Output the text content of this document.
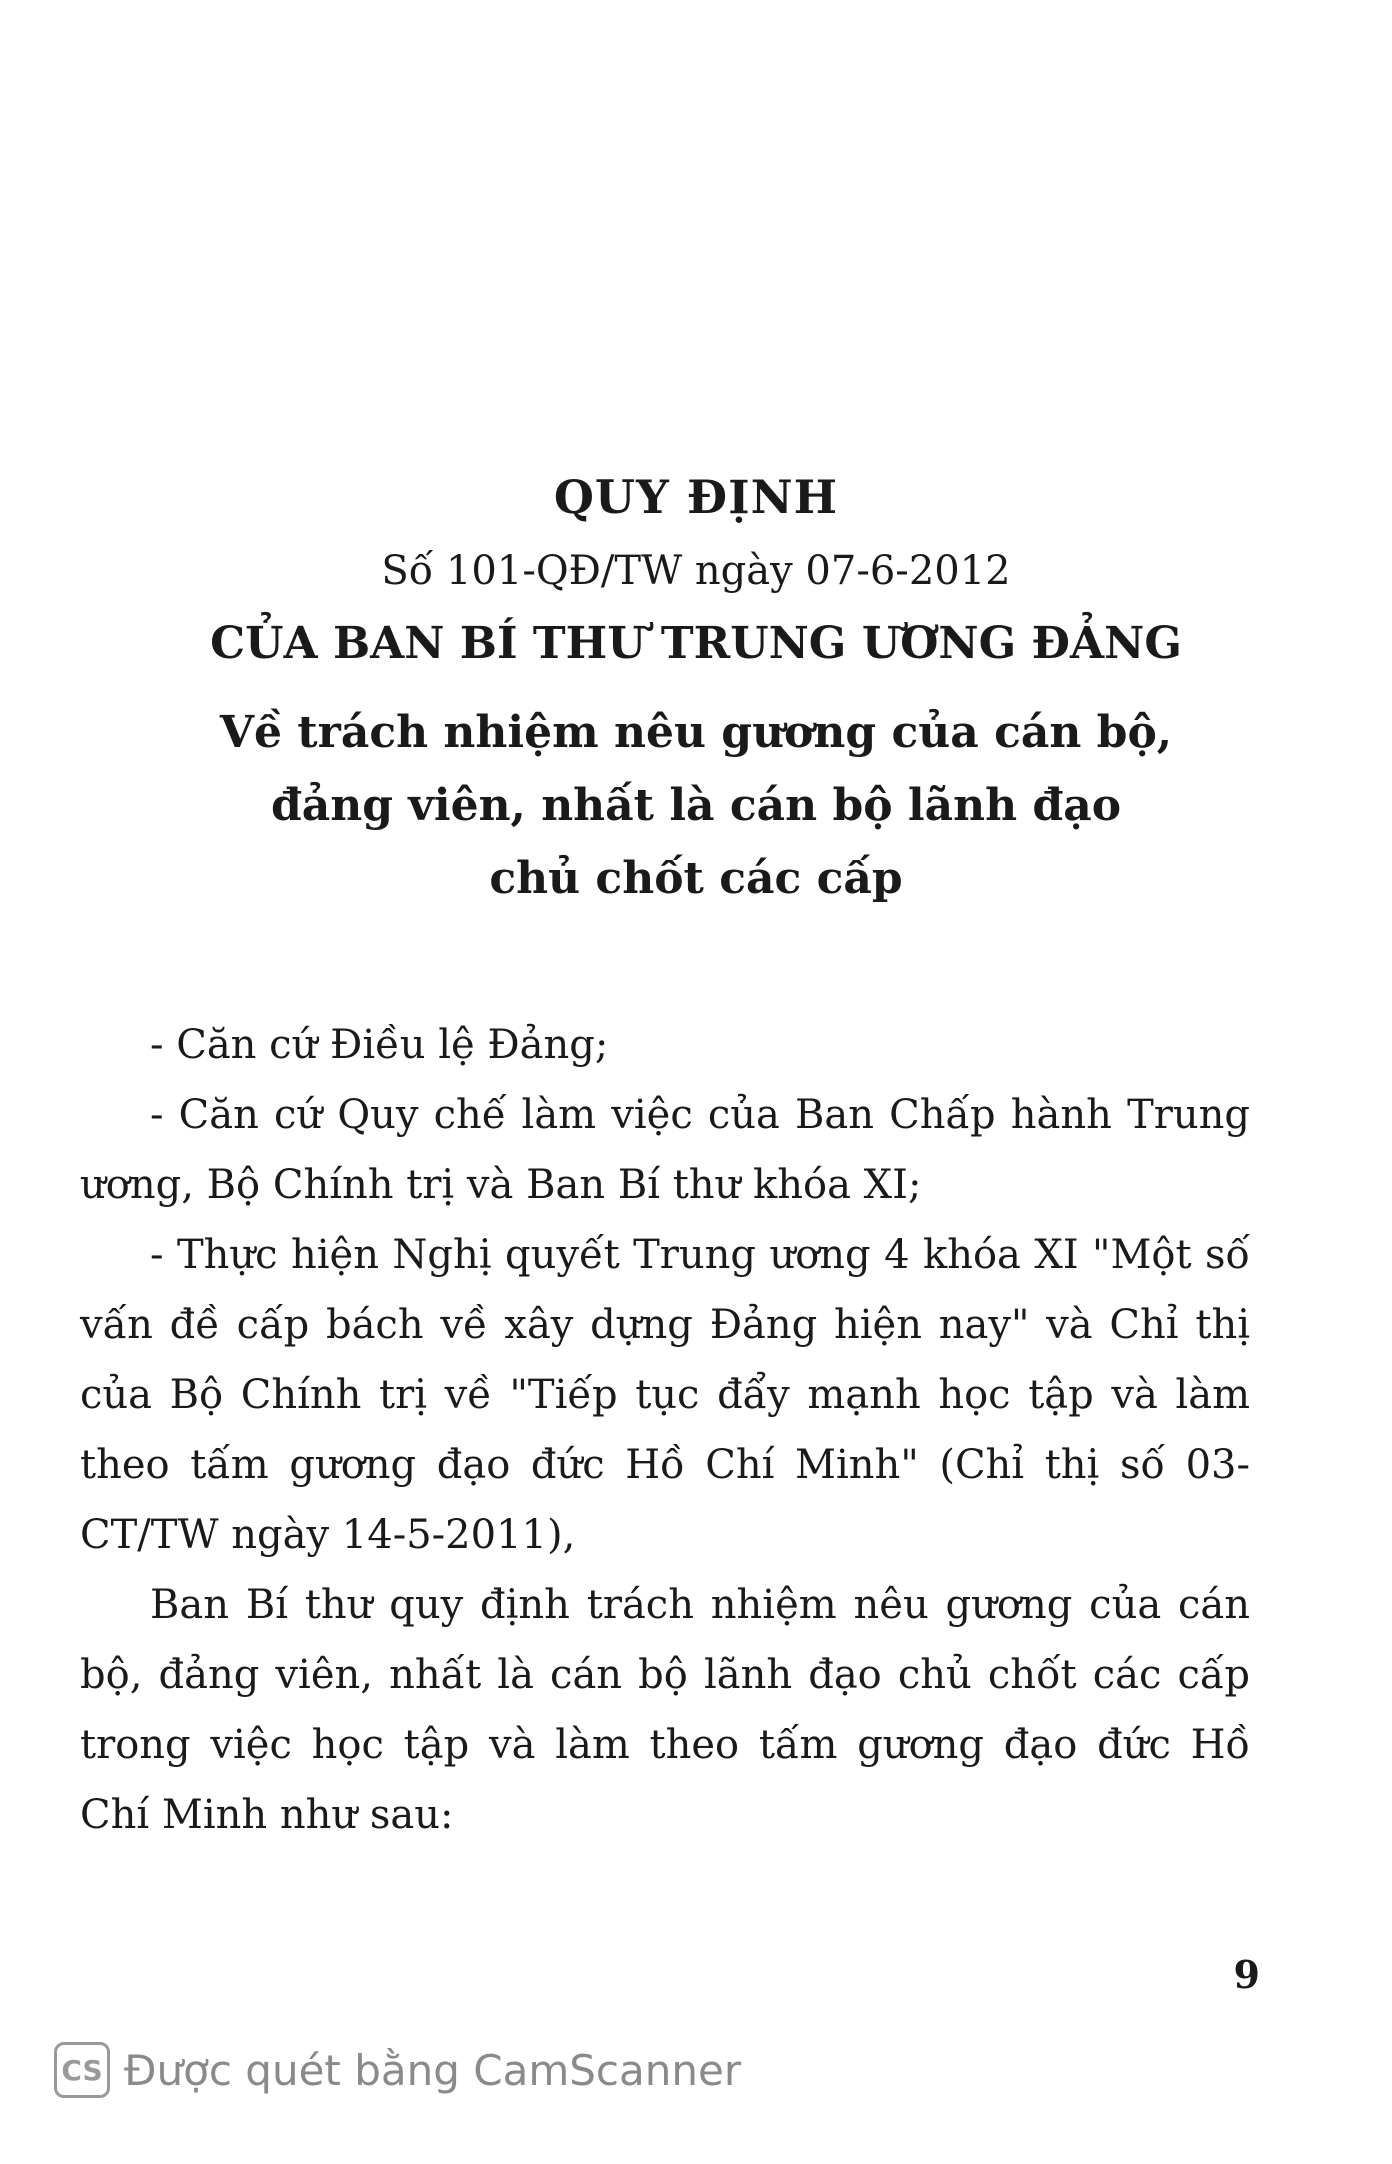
QUY ĐỊNH
Số 101-QĐ/TW ngày 07-6-2012
CỦA BAN BÍ THƯ TRUNG ƯƠNG ĐẢNG
Về trách nhiệm nêu gương của cán bộ,
đảng viên, nhất là cán bộ lãnh đạo
chủ chốt các cấp

- Căn cứ Điều lệ Đảng;

- Căn cứ Quy chế làm việc của Ban Chấp hành Trung ương, Bộ Chính trị và Ban Bí thư khóa XI;

- Thực hiện Nghị quyết Trung ương 4 khóa XI "Một số vấn đề cấp bách về xây dựng Đảng hiện nay" và Chỉ thị của Bộ Chính trị về "Tiếp tục đẩy mạnh học tập và làm theo tấm gương đạo đức Hồ Chí Minh" (Chỉ thị số 03-CT/TW ngày 14-5-2011),

Ban Bí thư quy định trách nhiệm nêu gương của cán bộ, đảng viên, nhất là cán bộ lãnh đạo chủ chốt các cấp trong việc học tập và làm theo tấm gương đạo đức Hồ Chí Minh như sau:

9
CS Được quét bằng CamScanner
